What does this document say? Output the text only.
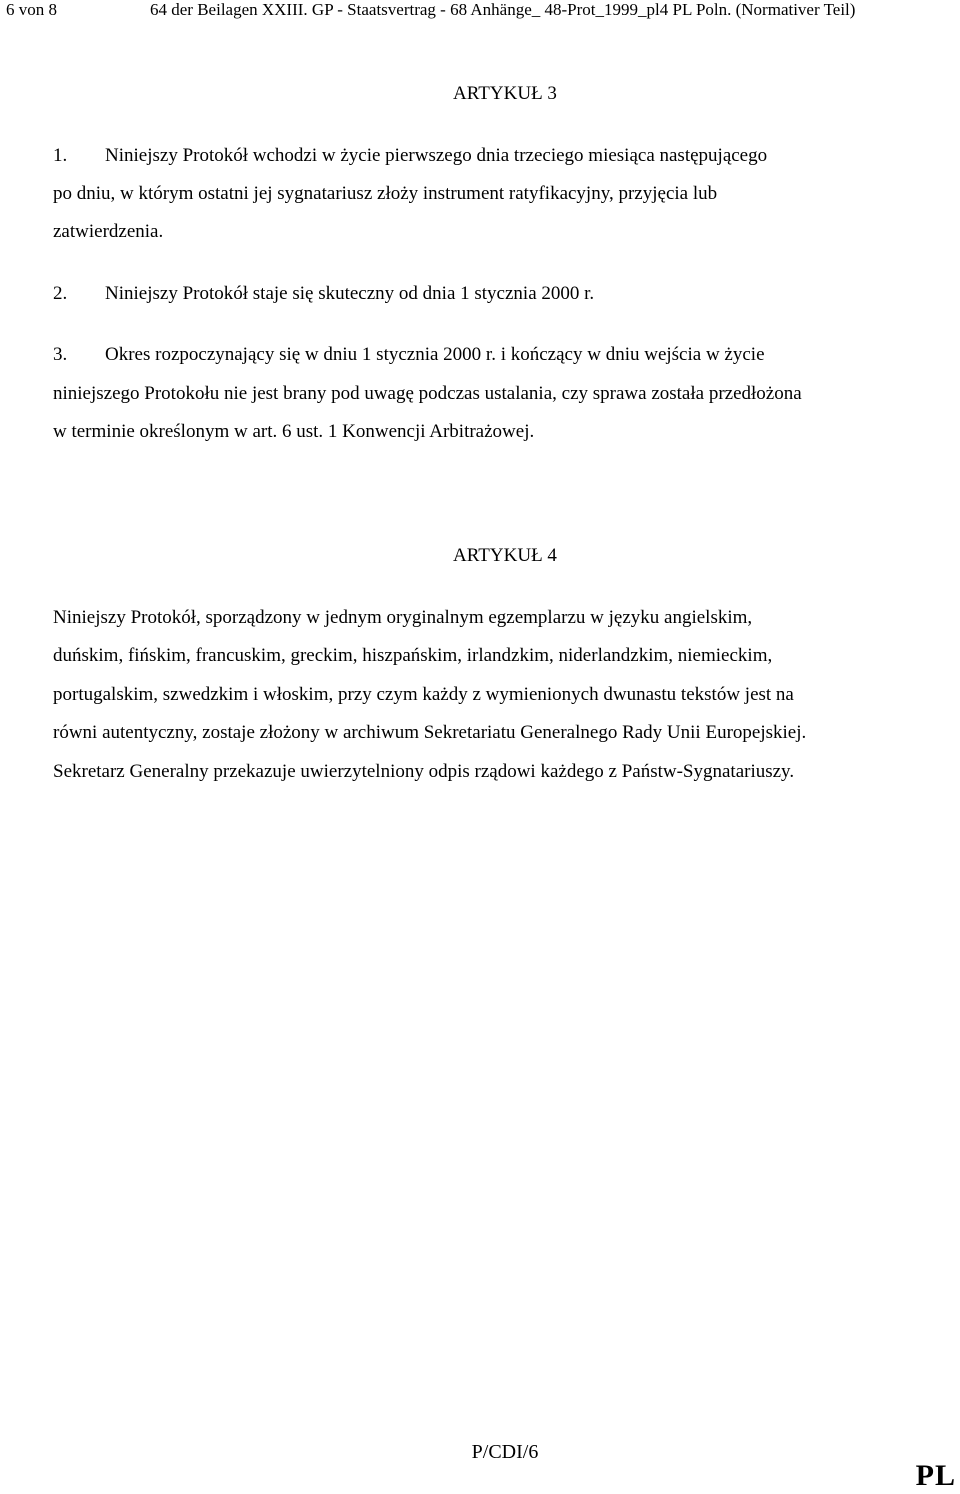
6 von 8	64 der Beilagen XXIII. GP - Staatsvertrag - 68 Anhänge_ 48-Prot_1999_pl4 PL Poln. (Normativer Teil)
ARTYKUŁ 3
1. Niniejszy Protokół wchodzi w życie pierwszego dnia trzeciego miesiąca następującego
po dniu, w którym ostatni jej sygnatariusz złoży instrument ratyfikacyjny, przyjęcia lub
zatwierdzenia.
2. Niniejszy Protokół staje się skuteczny od dnia 1 stycznia 2000 r.
3. Okres rozpoczynający się w dniu 1 stycznia 2000 r. i kończący w dniu wejścia w życie
niniejszego Protokołu nie jest brany pod uwagę podczas ustalania, czy sprawa została przedłożona
w terminie określonym w art. 6 ust. 1 Konwencji Arbitrażowej.
ARTYKUŁ 4
Niniejszy Protokół, sporządzony w jednym oryginalnym egzemplarzu w języku angielskim,
duńskim, fińskim, francuskim, greckim, hiszpańskim, irlandzkim, niderlandzkim, niemieckim,
portugalskim, szwedzkim i włoskim, przy czym każdy z wymienionych dwunastu tekstów jest na
równi autentyczny, zostaje złożony w archiwum Sekretariatu Generalnego Rady Unii Europejskiej.
Sekretarz Generalny przekazuje uwierzytelniony odpis rządowi każdego z Państw-Sygnatariuszy.
P/CDI/6
PL
